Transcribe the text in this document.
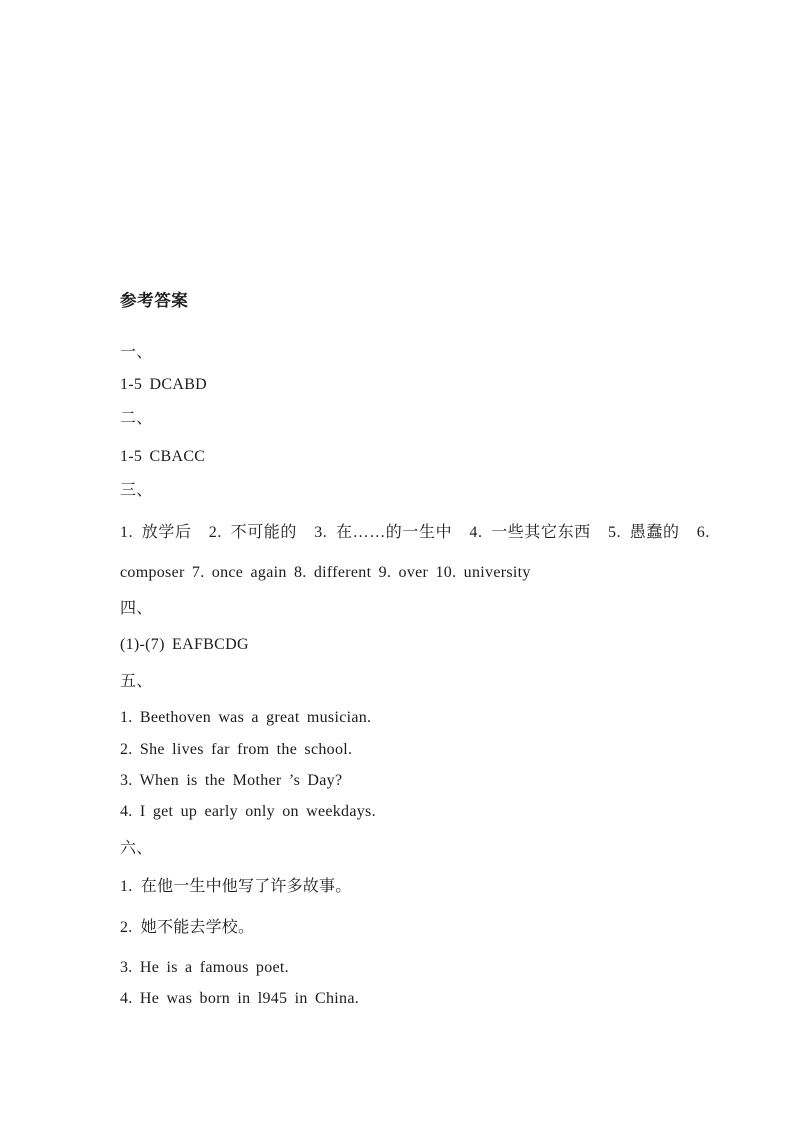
参考答案

一、

1-5 DCABD

二、

1-5 CBACC

三、

1. 放学后  2. 不可能的  3. 在……的一生中  4. 一些其它东西  5. 愚蠢的  6.

composer 7. once again 8. different 9. over 10. university

四、

(1)-(7) EAFBCDG

五、

1. Beethoven was a great musician.

2. She lives far from the school.

3. When is the Mother ’s Day?

4. I get up early only on weekdays.

六、

1.  在他一生中他写了许多故事。

2.  她不能去学校。

3. He is a famous poet.

4. He was born in l945 in China.
